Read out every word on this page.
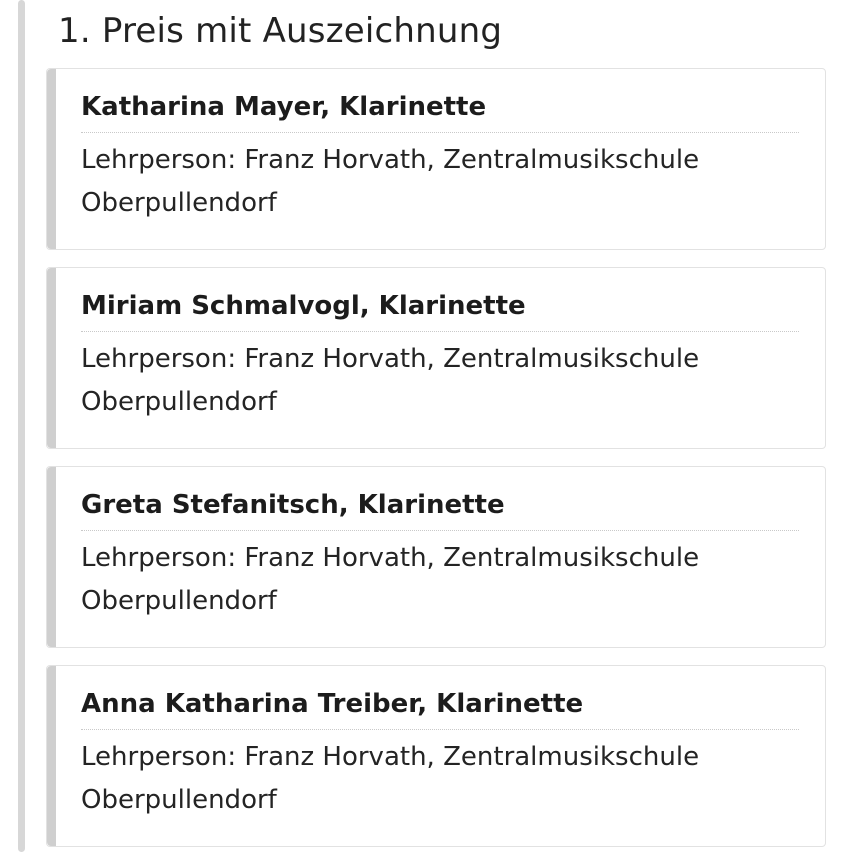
1. Preis mit Auszeichnung
Katharina Mayer, Klarinette
Lehrperson: Franz Horvath, Zentralmusikschule Oberpullendorf
Miriam Schmalvogl, Klarinette
Lehrperson: Franz Horvath, Zentralmusikschule Oberpullendorf
Greta Stefanitsch, Klarinette
Lehrperson: Franz Horvath, Zentralmusikschule Oberpullendorf
Anna Katharina Treiber, Klarinette
Lehrperson: Franz Horvath, Zentralmusikschule Oberpullendorf
